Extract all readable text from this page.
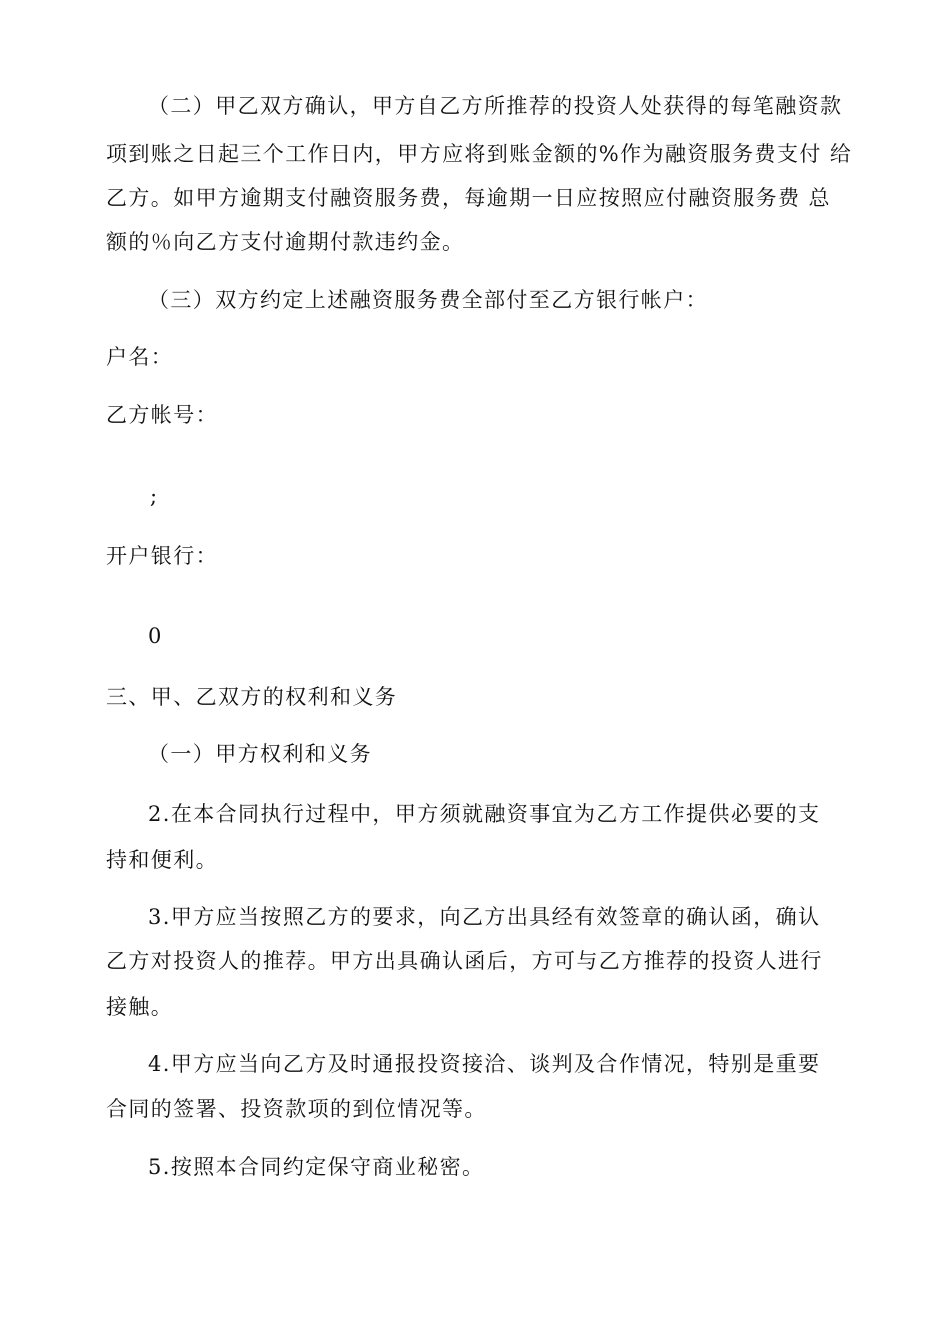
（二）甲乙双方确认，甲方自乙方所推荐的投资人处获得的每笔融资款
项到账之日起三个工作日内，甲方应将到账金额的%作为融资服务费支付 给
乙方。如甲方逾期支付融资服务费，每逾期一日应按照应付融资服务费 总
额的％向乙方支付逾期付款违约金。
（三）双方约定上述融资服务费全部付至乙方银行帐户：
户名：
乙方帐号：
;
开户银行：
0
三、甲、乙双方的权利和义务
（一）甲方权利和义务
2.在本合同执行过程中，甲方须就融资事宜为乙方工作提供必要的支
持和便利。
3.甲方应当按照乙方的要求，向乙方出具经有效签章的确认函，确认
乙方对投资人的推荐。甲方出具确认函后，方可与乙方推荐的投资人进行
接触。
4.甲方应当向乙方及时通报投资接洽、谈判及合作情况，特别是重要
合同的签署、投资款项的到位情况等。
5.按照本合同约定保守商业秘密。
